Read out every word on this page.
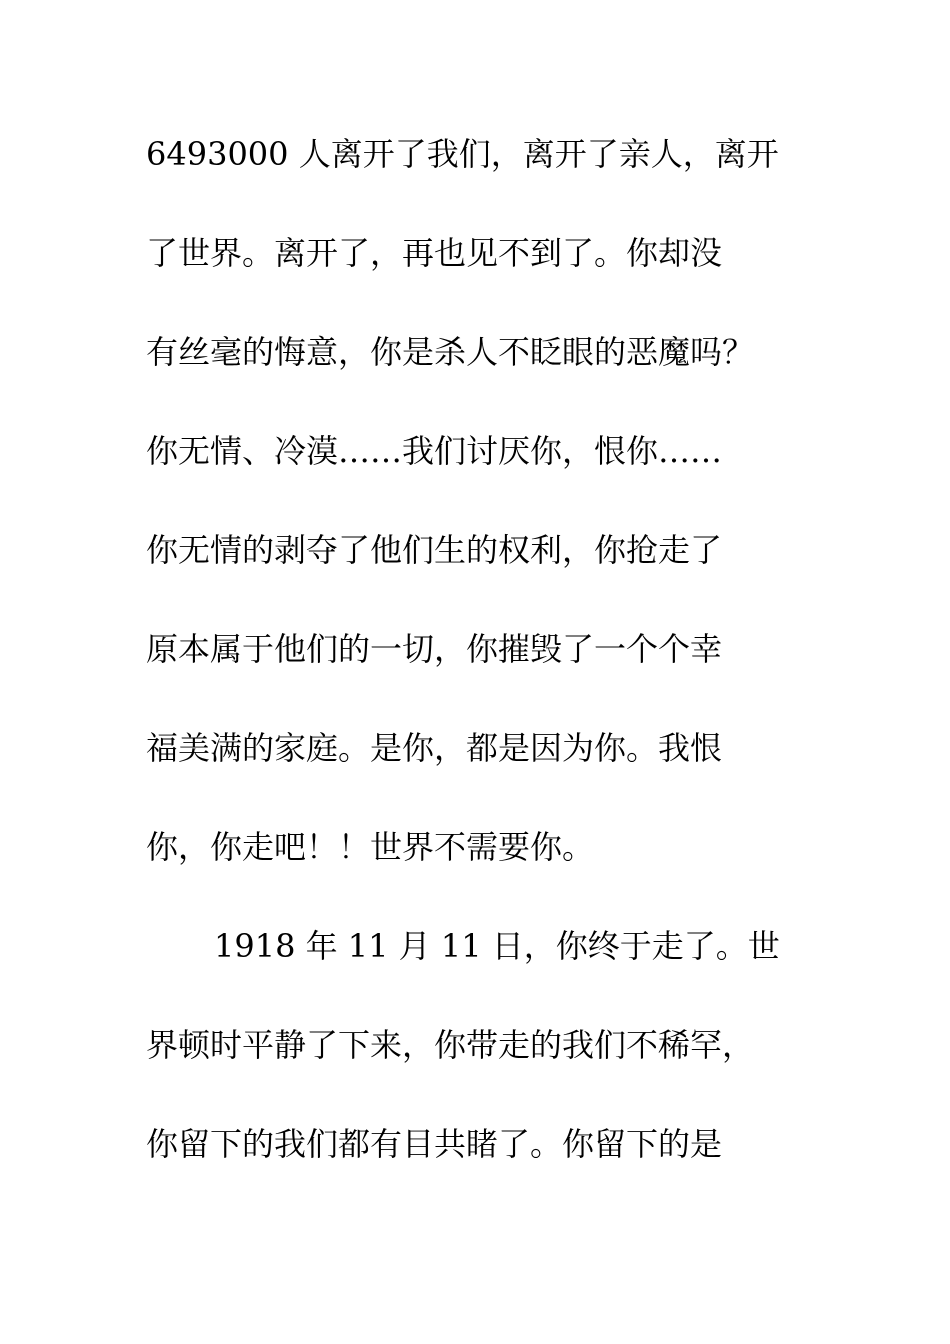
6493000 人离开了我们，离开了亲人，离开
了世界。离开了，再也见不到了。你却没
有丝毫的悔意，你是杀人不眨眼的恶魔吗？
你无情、冷漠……我们讨厌你，恨你……
你无情的剥夺了他们生的权利，你抢走了
原本属于他们的一切，你摧毁了一个个幸
福美满的家庭。是你，都是因为你。我恨
你，你走吧！！世界不需要你。
1918 年 11 月 11 日，你终于走了。世
界顿时平静了下来，你带走的我们不稀罕，
你留下的我们都有目共睹了。你留下的是
